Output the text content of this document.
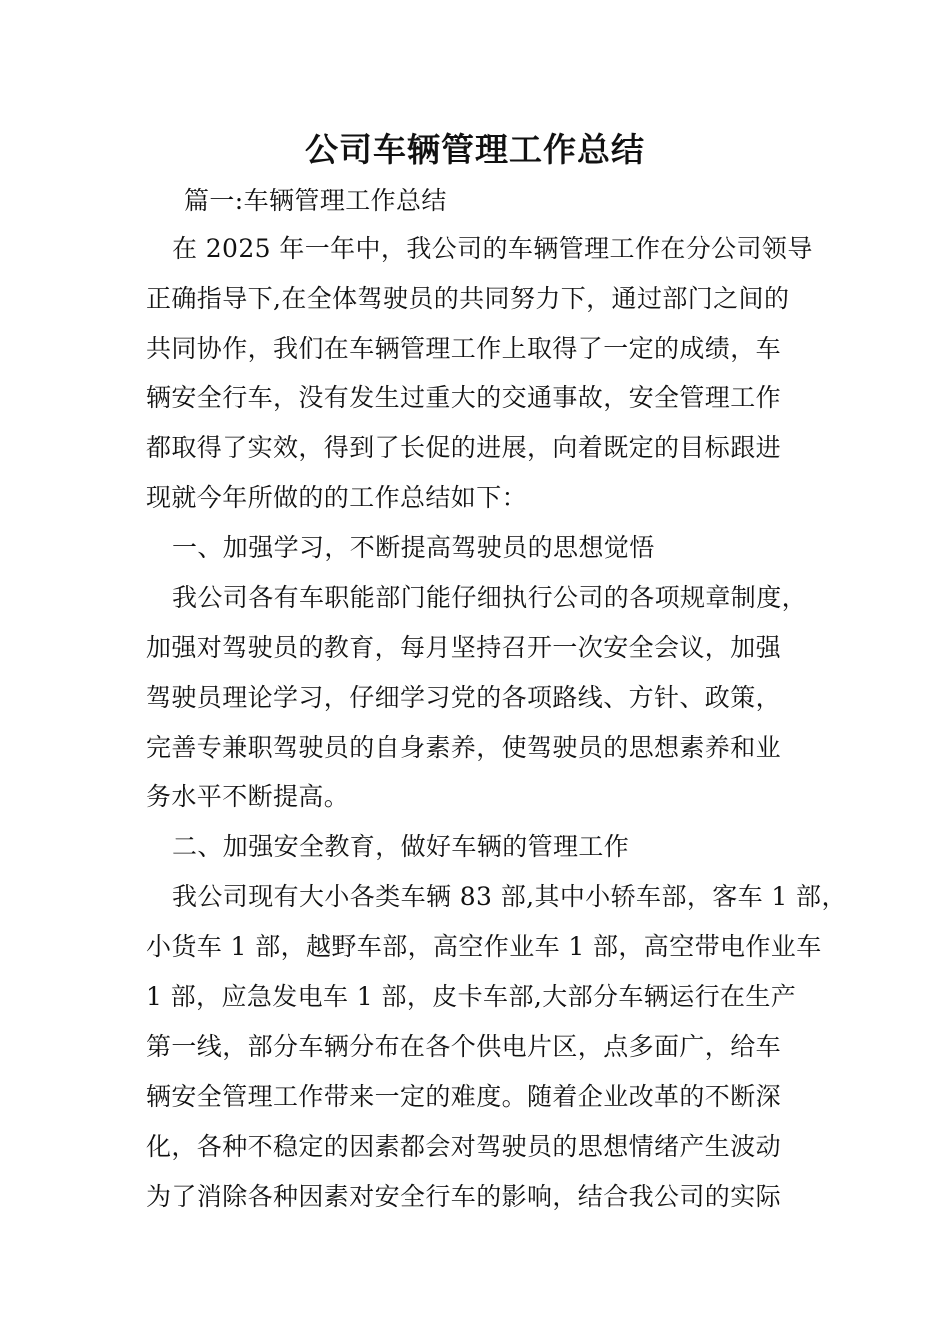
公司车辆管理工作总结
篇一:车辆管理工作总结
在 2025 年一年中，我公司的车辆管理工作在分公司领导
正确指导下,在全体驾驶员的共同努力下，通过部门之间的
共同协作，我们在车辆管理工作上取得了一定的成绩，车
辆安全行车，没有发生过重大的交通事故，安全管理工作
都取得了实效，得到了长促的进展，向着既定的目标跟进
现就今年所做的的工作总结如下：
一、加强学习，不断提高驾驶员的思想觉悟
我公司各有车职能部门能仔细执行公司的各项规章制度，
加强对驾驶员的教育，每月坚持召开一次安全会议，加强
驾驶员理论学习，仔细学习党的各项路线、方针、政策，
完善专兼职驾驶员的自身素养，使驾驶员的思想素养和业
务水平不断提高。
二、加强安全教育，做好车辆的管理工作
我公司现有大小各类车辆 83 部,其中小轿车部，客车 1 部，
小货车 1 部，越野车部，高空作业车 1 部，高空带电作业车
1 部，应急发电车 1 部，皮卡车部,大部分车辆运行在生产
第一线，部分车辆分布在各个供电片区，点多面广，给车
辆安全管理工作带来一定的难度。随着企业改革的不断深
化，各种不稳定的因素都会对驾驶员的思想情绪产生波动
为了消除各种因素对安全行车的影响，结合我公司的实际
